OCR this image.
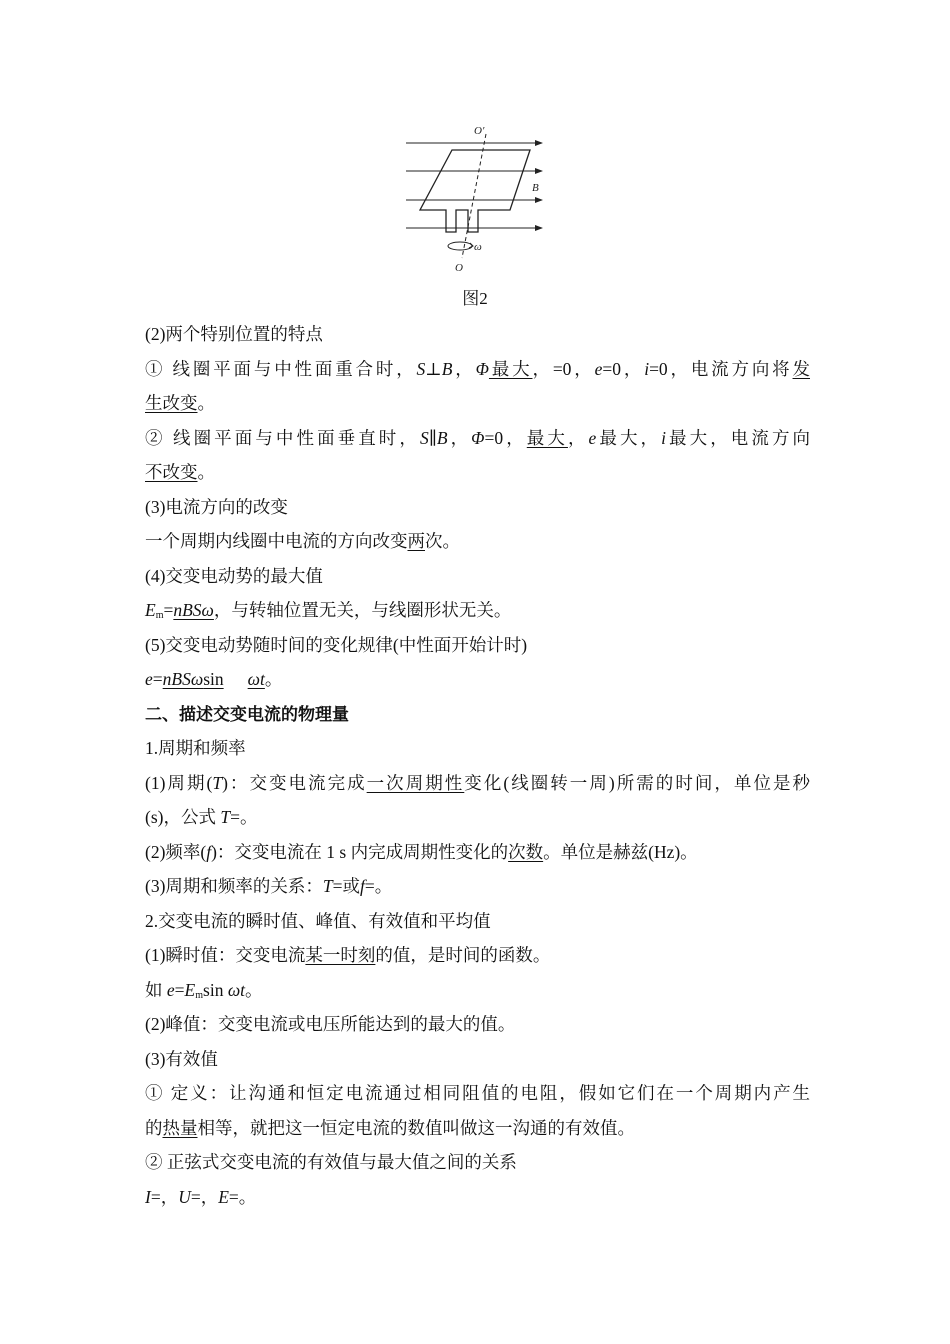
O′
B
ω
O
图2
(2)两个特别位置的特点
① 线圈平面与中性面重合时，S⊥B，Φ最大，=0，e=0，i=0，电流方向将发
生改变。
② 线圈平面与中性面垂直时，S∥B，Φ=0，最大，e最大，i最大，电流方向
不改变。
(3)电流方向的改变
一个周期内线圈中电流的方向改变两次。
(4)交变电动势的最大值
$E_m=nBS\omega$，与转轴位置无关，与线圈形状无关。
(5)交变电动势随时间的变化规律(中性面开始计时)
e=nBSωsin ωt。
二、描述交变电流的物理量
1.周期和频率
(1)周期(T)：交变电流完成一次周期性变化(线圈转一周)所需的时间，单位是秒
(s)，公式 T=。
(2)频率(f)：交变电流在 1 s 内完成周期性变化的次数。单位是赫兹(Hz)。
(3)周期和频率的关系：T=或f=。
2.交变电流的瞬时值、峰值、有效值和平均值
(1)瞬时值：交变电流某一时刻的值，是时间的函数。
如 $e=E_m\sin$ ωt。
(2)峰值：交变电流或电压所能达到的最大的值。
(3)有效值
① 定义：让沟通和恒定电流通过相同阻值的电阻，假如它们在一个周期内产生
的热量相等，就把这一恒定电流的数值叫做这一沟通的有效值。
② 正弦式交变电流的有效值与最大值之间的关系
I=，U=，E=。
